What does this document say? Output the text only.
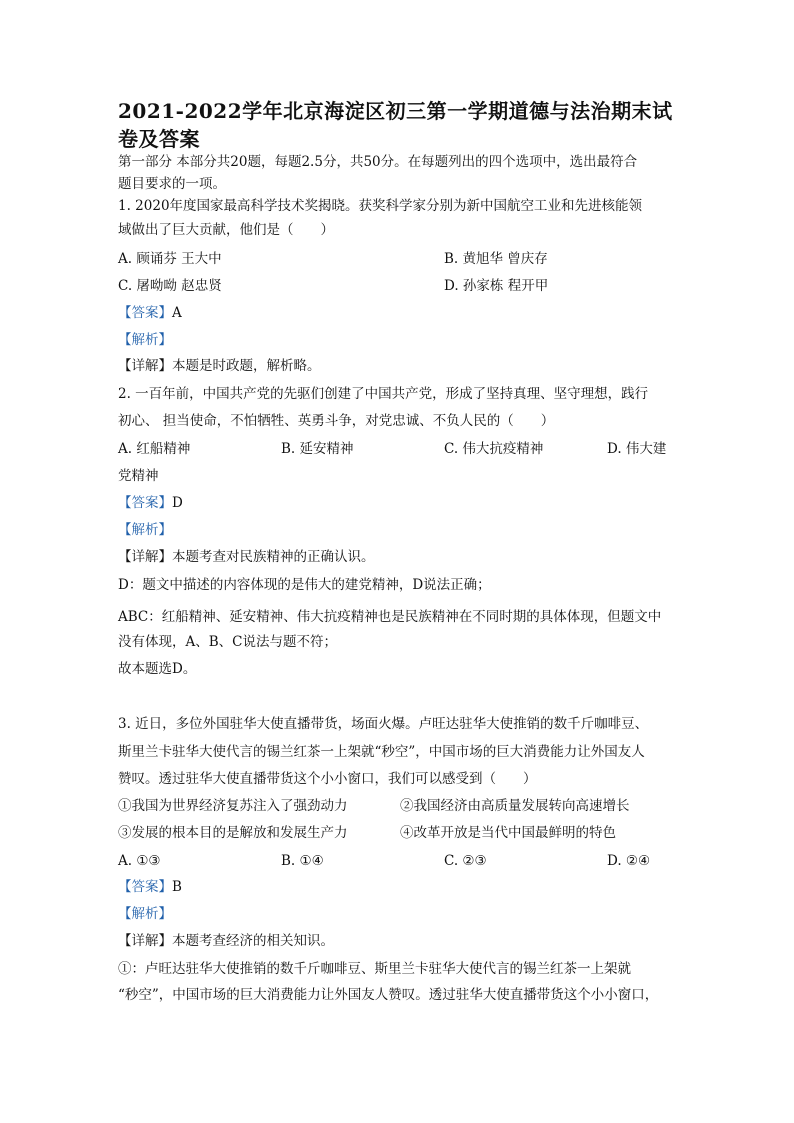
2021-2022学年北京海淀区初三第一学期道德与法治期末试
卷及答案
第一部分 本部分共20题，每题2.5分，共50分。在每题列出的四个选项中，选出最符合
题目要求的一项。
1. 2020年度国家最高科学技术奖揭晓。获奖科学家分别为新中国航空工业和先进核能领
域做出了巨大贡献，他们是（　　）
A. 顾诵芬 王大中	B. 黄旭华 曾庆存
C. 屠呦呦 赵忠贤	D. 孙家栋 程开甲
【答案】A
【解析】
【详解】本题是时政题，解析略。
2. 一百年前，中国共产党的先驱们创建了中国共产党，形成了坚持真理、坚守理想，践行
初心、 担当使命，不怕牺牲、英勇斗争，对党忠诚、不负人民的（　　）
A. 红船精神	B. 延安精神	C. 伟大抗疫精神	D. 伟大建
党精神
【答案】D
【解析】
【详解】本题考查对民族精神的正确认识。
D：题文中描述的内容体现的是伟大的建党精神，D说法正确；
ABC：红船精神、延安精神、伟大抗疫精神也是民族精神在不同时期的具体体现，但题文中
没有体现，A、B、C说法与题不符；
故本题选D。
3. 近日，多位外国驻华大使直播带货，场面火爆。卢旺达驻华大使推销的数千斤咖啡豆、
斯里兰卡驻华大使代言的锡兰红茶一上架就“秒空”，中国市场的巨大消费能力让外国友人
赞叹。透过驻华大使直播带货这个小小窗口，我们可以感受到（　　）
①我国为世界经济复苏注入了强劲动力	②我国经济由高质量发展转向高速增长
③发展的根本目的是解放和发展生产力	④改革开放是当代中国最鲜明的特色
A. ①③	B. ①④	C. ②③	D. ②④
【答案】B
【解析】
【详解】本题考查经济的相关知识。
①：卢旺达驻华大使推销的数千斤咖啡豆、斯里兰卡驻华大使代言的锡兰红茶一上架就
“秒空”，中国市场的巨大消费能力让外国友人赞叹。透过驻华大使直播带货这个小小窗口，
